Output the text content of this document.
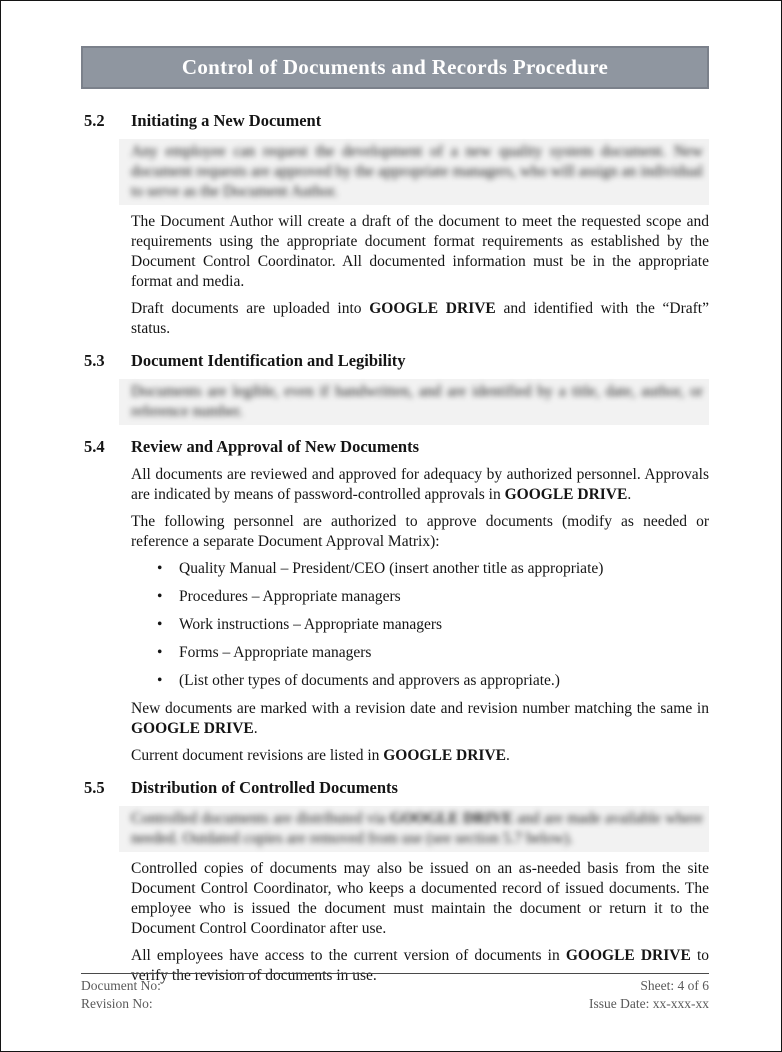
Control of Documents and Records Procedure
5.2	Initiating a New Document

Any employee can request the development of a new quality system document. New document requests are approved by the appropriate managers, who will assign an individual to serve as the Document Author.

The Document Author will create a draft of the document to meet the requested scope and requirements using the appropriate document format requirements as established by the Document Control Coordinator. All documented information must be in the appropriate format and media.

Draft documents are uploaded into GOOGLE DRIVE and identified with the “Draft” status.

5.3	Document Identification and Legibility

Documents are legible, even if handwritten, and are identified by a title, date, author, or reference number.

5.4	Review and Approval of New Documents

All documents are reviewed and approved for adequacy by authorized personnel. Approvals are indicated by means of password-controlled approvals in GOOGLE DRIVE.

The following personnel are authorized to approve documents (modify as needed or reference a separate Document Approval Matrix):

• Quality Manual – President/CEO (insert another title as appropriate)
• Procedures – Appropriate managers
• Work instructions – Appropriate managers
• Forms – Appropriate managers
• (List other types of documents and approvers as appropriate.)

New documents are marked with a revision date and revision number matching the same in GOOGLE DRIVE.

Current document revisions are listed in GOOGLE DRIVE.

5.5	Distribution of Controlled Documents

Controlled documents are distributed via GOOGLE DRIVE and are made available where needed. Outdated copies are removed from use (see section 5.7 below).

Controlled copies of documents may also be issued on an as-needed basis from the site Document Control Coordinator, who keeps a documented record of issued documents. The employee who is issued the document must maintain the document or return it to the Document Control Coordinator after use.

All employees have access to the current version of documents in GOOGLE DRIVE to verify the revision of documents in use.

Document No:
Revision No:
Sheet: 4 of 6
Issue Date: xx-xxx-xx
